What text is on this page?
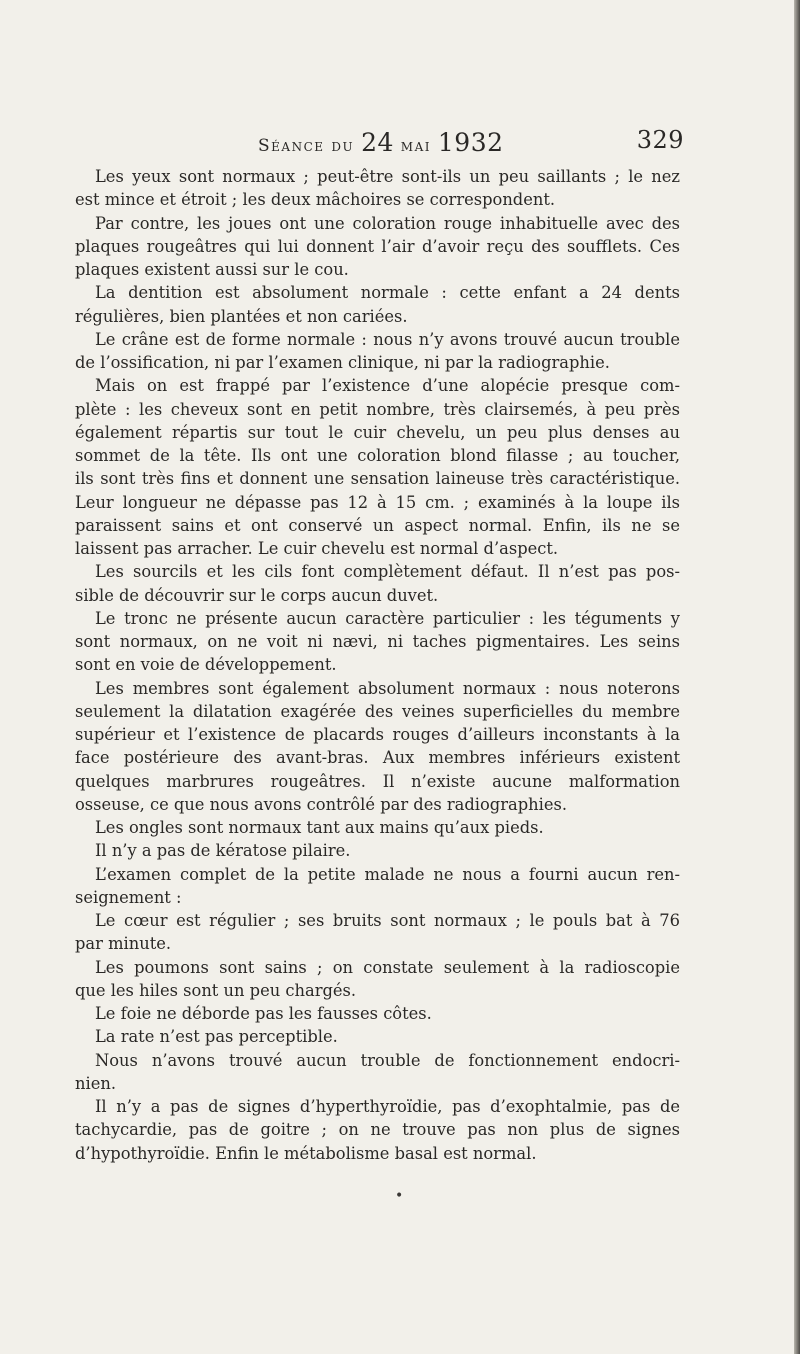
Séance du 24 mai 1932	329
Les yeux sont normaux ; peut-être sont-ils un peu saillants ; le nez
est mince et étroit ; les deux mâchoires se correspondent.
Par contre, les joues ont une coloration rouge inhabituelle avec des
plaques rougeâtres qui lui donnent l’air d’avoir reçu des soufflets. Ces
plaques existent aussi sur le cou.
La dentition est absolument normale : cette enfant a 24 dents
régulières, bien plantées et non cariées.
Le crâne est de forme normale : nous n’y avons trouvé aucun trouble
de l’ossification, ni par l’examen clinique, ni par la radiographie.
Mais on est frappé par l’existence d’une alopécie presque com-
plète : les cheveux sont en petit nombre, très clairsemés, à peu près
également répartis sur tout le cuir chevelu, un peu plus denses au
sommet de la tête. Ils ont une coloration blond filasse ; au toucher,
ils sont très fins et donnent une sensation laineuse très caractéristique.
Leur longueur ne dépasse pas 12 à 15 cm. ; examinés à la loupe ils
paraissent sains et ont conservé un aspect normal. Enfin, ils ne se
laissent pas arracher. Le cuir chevelu est normal d’aspect.
Les sourcils et les cils font complètement défaut. Il n’est pas pos-
sible de découvrir sur le corps aucun duvet.
Le tronc ne présente aucun caractère particulier : les téguments y
sont normaux, on ne voit ni nævi, ni taches pigmentaires. Les seins
sont en voie de développement.
Les membres sont également absolument normaux : nous noterons
seulement la dilatation exagérée des veines superficielles du membre
supérieur et l’existence de placards rouges d’ailleurs inconstants à la
face postérieure des avant-bras. Aux membres inférieurs existent
quelques marbrures rougeâtres. Il n’existe aucune malformation
osseuse, ce que nous avons contrôlé par des radiographies.
Les ongles sont normaux tant aux mains qu’aux pieds.
Il n’y a pas de kératose pilaire.
L’examen complet de la petite malade ne nous a fourni aucun ren-
seignement :
Le cœur est régulier ; ses bruits sont normaux ; le pouls bat à 76
par minute.
Les poumons sont sains ; on constate seulement à la radioscopie
que les hiles sont un peu chargés.
Le foie ne déborde pas les fausses côtes.
La rate n’est pas perceptible.
Nous n’avons trouvé aucun trouble de fonctionnement endocri-
nien.
Il n’y a pas de signes d’hyperthyroïdie, pas d’exophtalmie, pas de
tachycardie, pas de goitre ; on ne trouve pas non plus de signes
d’hypothyroïdie. Enfin le métabolisme basal est normal.
•
